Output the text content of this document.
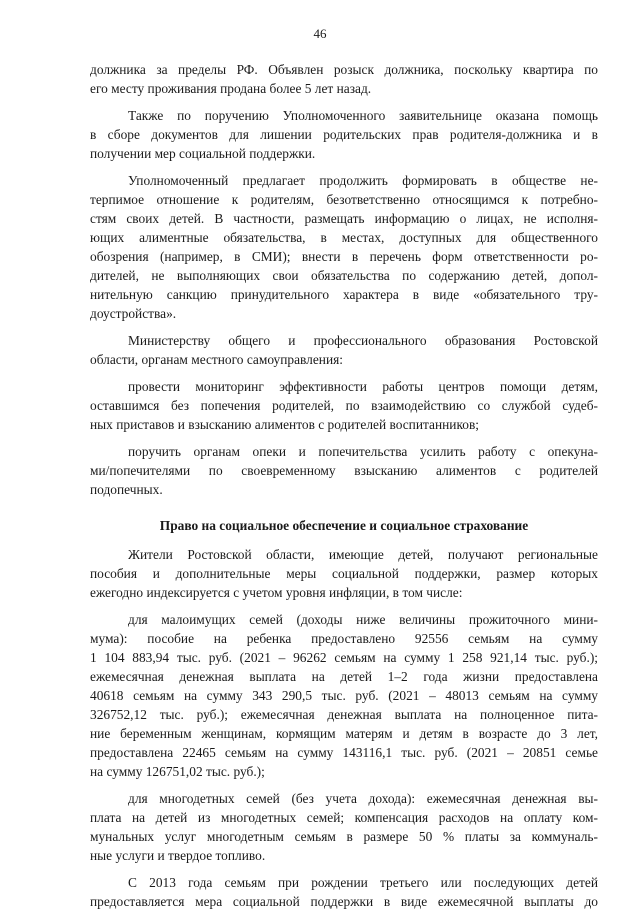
46
должника за пределы РФ. Объявлен розыск должника, поскольку квартира по
его месту проживания продана более 5 лет назад.
Также по поручению Уполномоченного заявительнице оказана помощь
в сборе документов для лишении родительских прав родителя-должника и в
получении мер социальной поддержки.
Уполномоченный предлагает продолжить формировать в обществе не-
терпимое отношение к родителям, безответственно относящимся к потребно-
стям своих детей. В частности, размещать информацию о лицах, не исполня-
ющих алиментные обязательства, в местах, доступных для общественного
обозрения (например, в СМИ); внести в перечень форм ответственности ро-
дителей, не выполняющих свои обязательства по содержанию детей, допол-
нительную санкцию принудительного характера в виде «обязательного тру-
доустройства».
Министерству общего и профессионального образования Ростовской
области, органам местного самоуправления:
провести мониторинг эффективности работы центров помощи детям,
оставшимся без попечения родителей, по взаимодействию со службой судеб-
ных приставов и взысканию алиментов с родителей воспитанников;
поручить органам опеки и попечительства усилить работу с опекуна-
ми/попечителями по своевременному взысканию алиментов с родителей
подопечных.
Право на социальное обеспечение и социальное страхование
Жители Ростовской области, имеющие детей, получают региональные
пособия и дополнительные меры социальной поддержки, размер которых
ежегодно индексируется с учетом уровня инфляции, в том числе:
для малоимущих семей (доходы ниже величины прожиточного мини-
мума): пособие на ребенка предоставлено 92556 семьям на сумму
1 104 883,94 тыс. руб. (2021 – 96262 семьям на сумму 1 258 921,14 тыс. руб.);
ежемесячная денежная выплата на детей 1–2 года жизни предоставлена
40618 семьям на сумму 343 290,5 тыс. руб. (2021 – 48013 семьям на сумму
326752,12 тыс. руб.); ежемесячная денежная выплата на полноценное пита-
ние беременным женщинам, кормящим матерям и детям в возрасте до 3 лет,
предоставлена 22465 семьям на сумму 143116,1 тыс. руб. (2021 – 20851 семье
на сумму 126751,02 тыс. руб.);
для многодетных семей (без учета дохода): ежемесячная денежная вы-
плата на детей из многодетных семей; компенсация расходов на оплату ком-
мунальных услуг многодетным семьям в размере 50 % платы за коммуналь-
ные услуги и твердое топливо.
С 2013 года семьям при рождении третьего или последующих детей
предоставляется мера социальной поддержки в виде ежемесячной выплаты до
